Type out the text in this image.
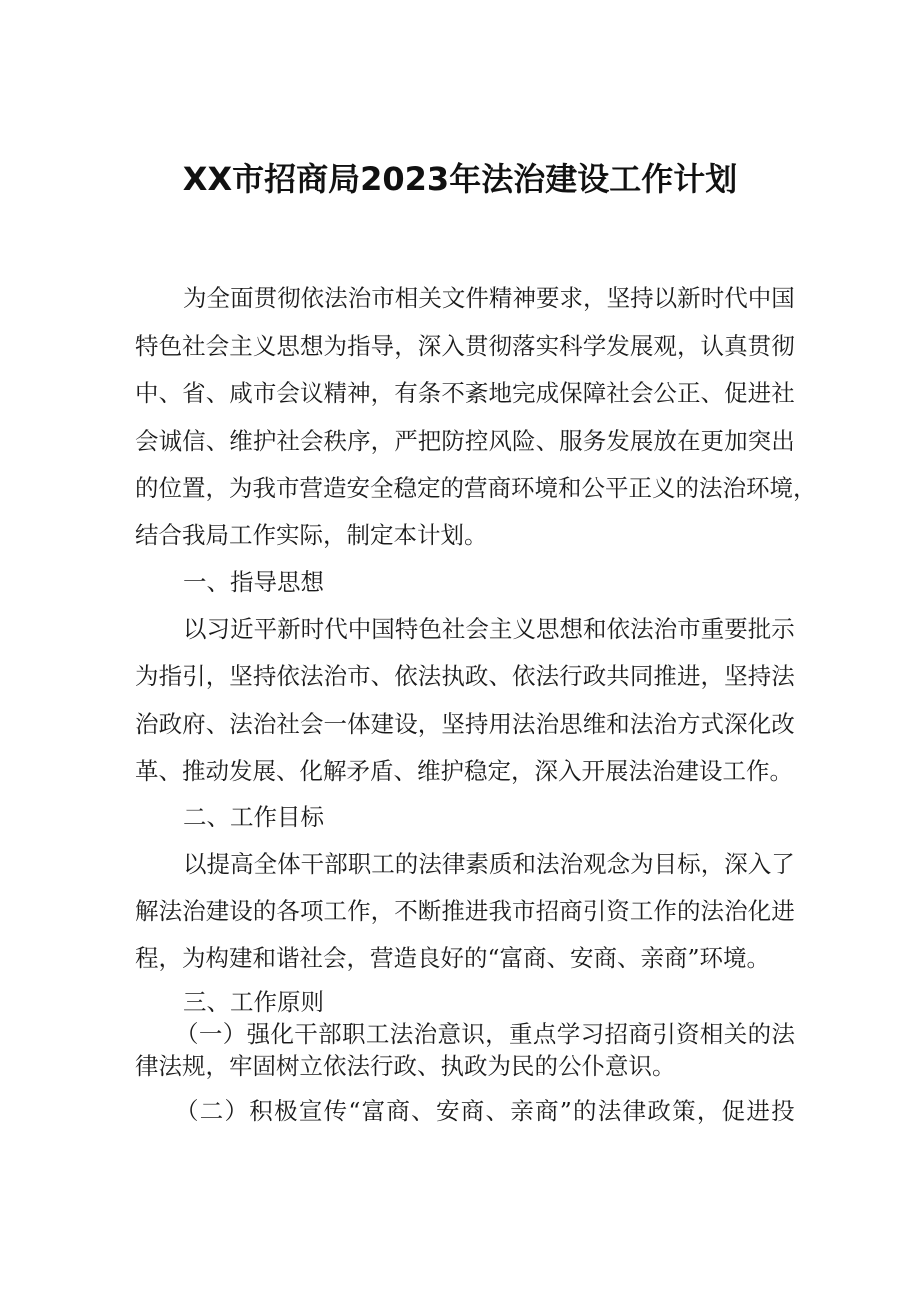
XX市招商局2023年法治建设工作计划
为 全 面 贯 彻 依 法 治 市 相 关 文 件 精 神 要 求 ， 坚 持 以 新 时 代 中 国
特 色 社 会 主 义 思 想 为 指 导 ， 深 入 贯 彻 落 实 科 学 发 展 观 ， 认 真 贯 彻
中 、 省 、 咸 市 会 议 精 神 ， 有 条 不 紊 地 完 成 保 障 社 会 公 正 、 促 进 社
会 诚 信 、 维 护 社 会 秩 序 ， 严 把 防 控 风 险 、 服 务 发 展 放 在 更 加 突 出
的 位 置 ， 为 我 市 营 造 安 全 稳 定 的 营 商 环 境 和 公 平 正 义 的 法 治 环 境 ，
结合我局工作实际，制定本计划。
一、指导思想
以 习 近 平 新 时 代 中 国 特 色 社 会 主 义 思 想 和 依 法 治 市 重 要 批 示
为 指 引 ， 坚 持 依 法 治 市 、 依 法 执 政 、 依 法 行 政 共 同 推 进 ， 坚 持 法
治 政 府 、 法 治 社 会 一 体 建 设 ， 坚 持 用 法 治 思 维 和 法 治 方 式 深 化 改
革、推动发展、化解矛盾、维护稳定，深入开展法治建设工作。
二、工作目标
以 提 高 全 体 干 部 职 工 的 法 律 素 质 和 法 治 观 念 为 目 标 ， 深 入 了
解 法 治 建 设 的 各 项 工 作 ， 不 断 推 进 我 市 招 商 引 资 工 作 的 法 治 化 进
程，为构建和谐社会，营造良好的“富商、安商、亲商”环境。
三、工作原则
（ 一 ） 强 化 干 部 职 工 法 治 意 识 ， 重 点 学 习 招 商 引 资 相 关 的 法
律法规，牢固树立依法行政、执政为民的公仆意识。
（ 二 ） 积 极 宣 传 “ 富 商 、 安 商 、 亲 商 ” 的 法 律 政 策 ， 促 进 投
